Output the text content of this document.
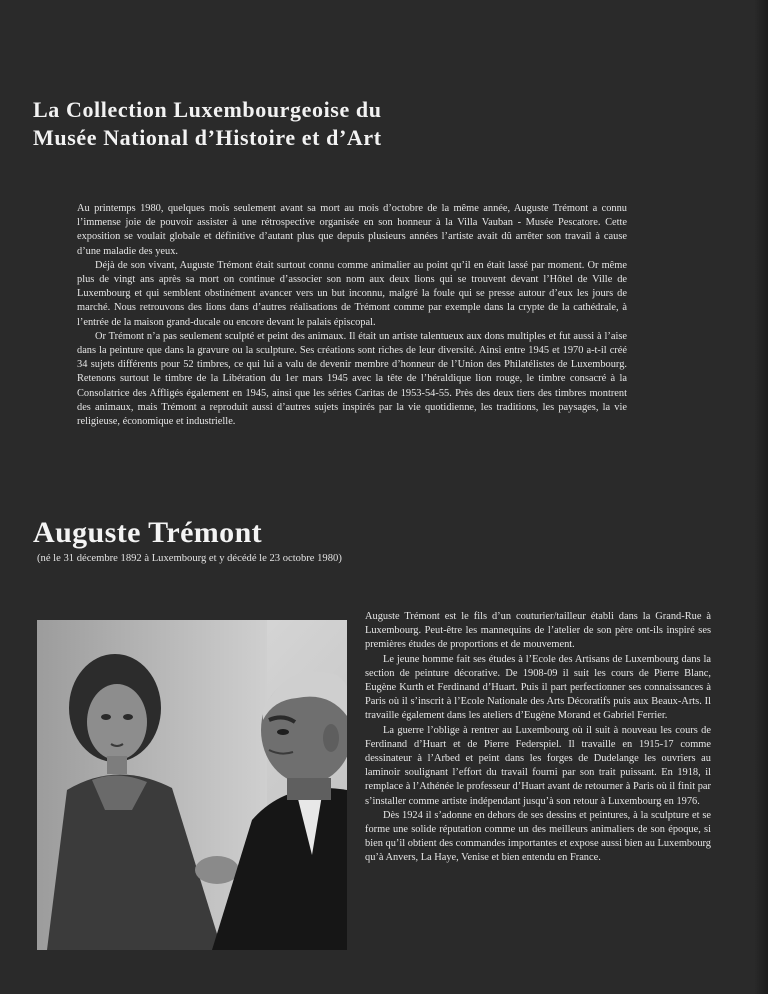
La Collection Luxembourgeoise du
Musée National d’Histoire et d’Art

Au printemps 1980, quelques mois seulement avant sa mort au mois d’octobre de la même année, Auguste Trémont a connu l’immense joie de pouvoir assister à une rétrospective organisée en son honneur à la Villa Vauban - Musée Pescatore. Cette exposition se voulait globale et définitive d’autant plus que depuis plusieurs années l’artiste avait dû arrêter son travail à cause d’une maladie des yeux.

Déjà de son vivant, Auguste Trémont était surtout connu comme animalier au point qu’il en était lassé par moment. Or même plus de vingt ans après sa mort on continue d’associer son nom aux deux lions qui se trouvent devant l’Hôtel de Ville de Luxembourg et qui semblent obstinément avancer vers un but inconnu, malgré la foule qui se presse autour d’eux les jours de marché. Nous retrouvons des lions dans d’autres réalisations de Trémont comme par exemple dans la crypte de la cathédrale, à l’entrée de la maison grand-ducale ou encore devant le palais épiscopal.

Or Trémont n’a pas seulement sculpté et peint des animaux. Il était un artiste talentueux aux dons multiples et fut aussi à l’aise dans la peinture que dans la gravure ou la sculpture. Ses créations sont riches de leur diversité. Ainsi entre 1945 et 1970 a-t-il créé 34 sujets différents pour 52 timbres, ce qui lui a valu de devenir membre d’honneur de l’Union des Philatélistes de Luxembourg. Retenons surtout le timbre de la Libération du 1er mars 1945 avec la tête de l’héraldique lion rouge, le timbre consacré à la Consolatrice des Affligés également en 1945, ainsi que les séries Caritas de 1953-54-55. Près des deux tiers des timbres montrent des animaux, mais Trémont a reproduit aussi d’autres sujets inspirés par la vie quotidienne, les traditions, les paysages, la vie religieuse, économique et industrielle.

Auguste Trémont
(né le 31 décembre 1892 à Luxembourg et y décédé le 23 octobre 1980)

Auguste Trémont est le fils d’un couturier/tailleur établi dans la Grand-Rue à Luxembourg. Peut-être les mannequins de l’atelier de son père ont-ils inspiré ses premières études de proportions et de mouvement.

Le jeune homme fait ses études à l’Ecole des Artisans de Luxembourg dans la section de peinture décorative. De 1908-09 il suit les cours de Pierre Blanc, Eugène Kurth et Ferdinand d’Huart. Puis il part perfectionner ses connaissances à Paris où il s’inscrit à l’Ecole Nationale des Arts Décoratifs puis aux Beaux-Arts. Il travaille également dans les ateliers d’Eugène Morand et Gabriel Ferrier.

La guerre l’oblige à rentrer au Luxembourg où il suit à nouveau les cours de Ferdinand d’Huart et de Pierre Federspiel. Il travaille en 1915-17 comme dessinateur à l’Arbed et peint dans les forges de Dudelange les ouvriers au laminoir soulignant l’effort du travail fourni par son trait puissant. En 1918, il remplace à l’Athénée le professeur d’Huart avant de retourner à Paris où il finit par s’installer comme artiste indépendant jusqu’à son retour à Luxembourg en 1976.

Dès 1924 il s’adonne en dehors de ses dessins et peintures, à la sculpture et se forme une solide réputation comme un des meilleurs animaliers de son époque, si bien qu’il obtient des commandes importantes et expose aussi bien au Luxembourg qu’à Anvers, La Haye, Venise et bien entendu en France.
